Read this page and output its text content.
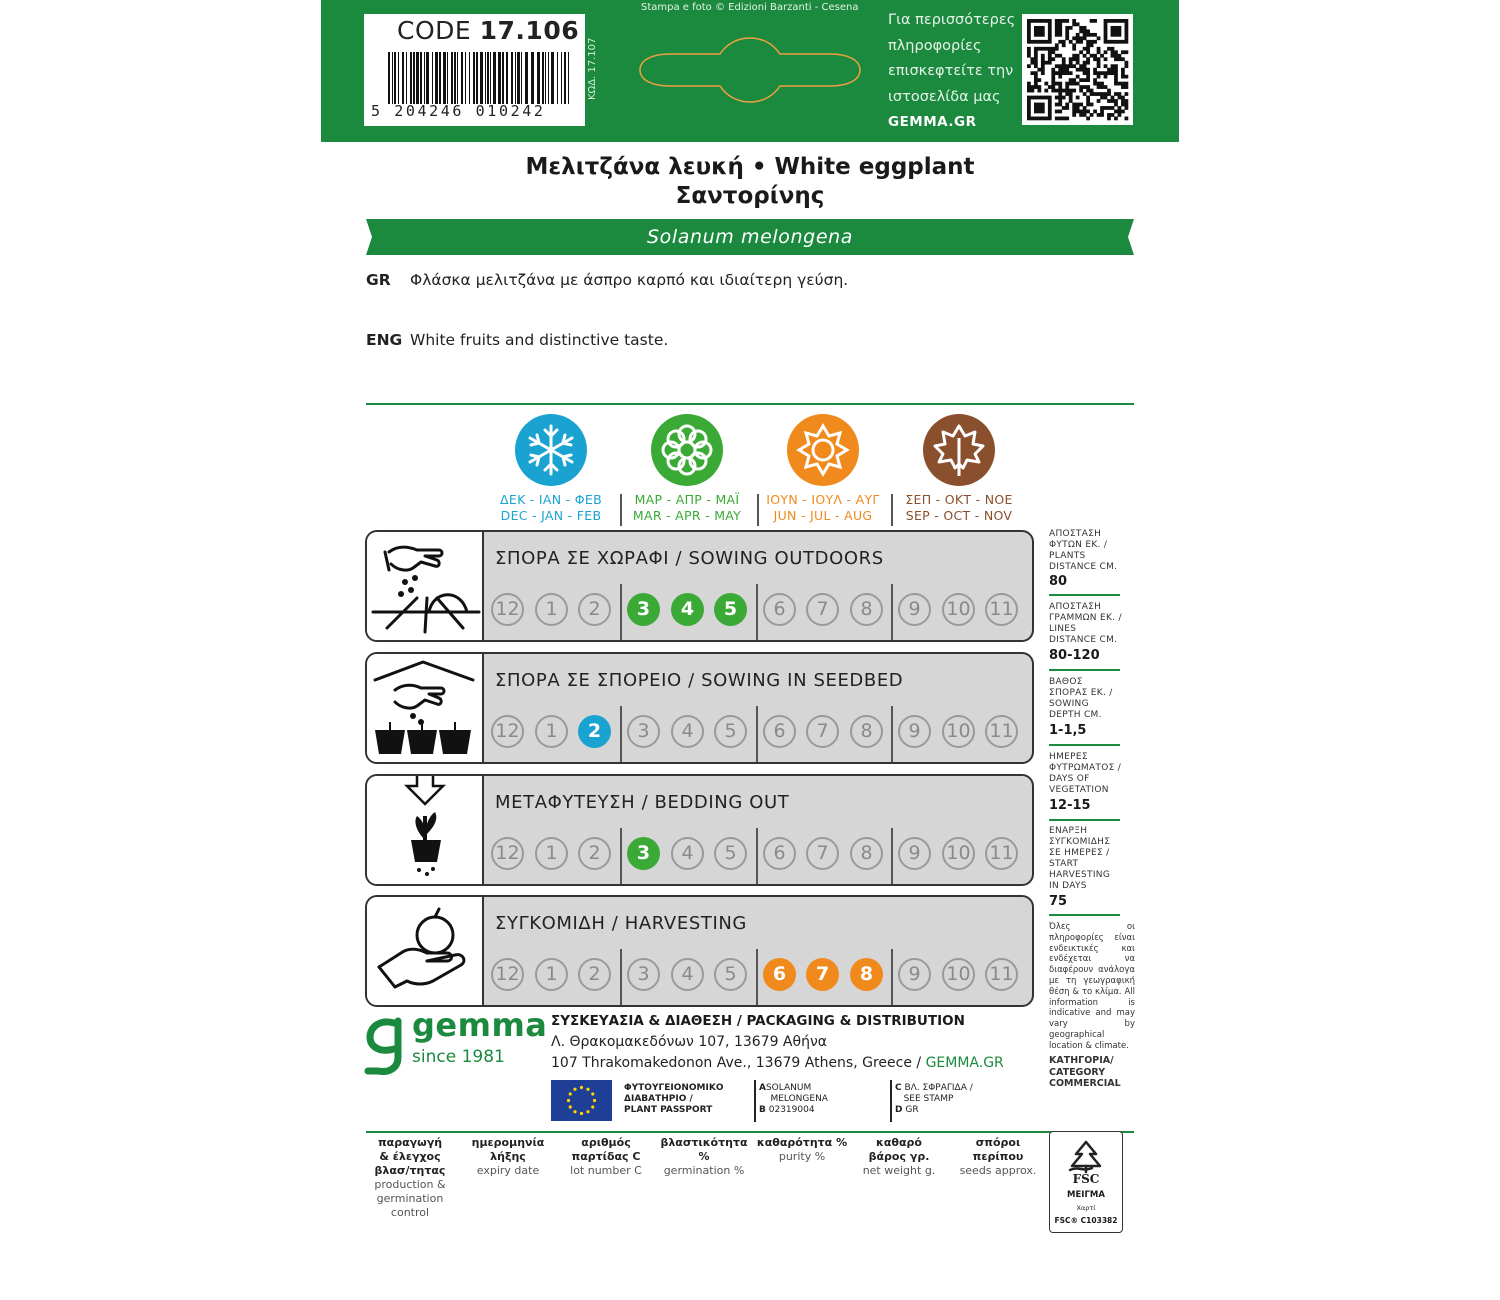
CODE 17.106
5 204246 010242
ΚΩΔ. 17.107
Stampa e foto © Edizioni Barzanti - Cesena
Για περισσότερες
πληροφορίες
επισκεφτείτε την
ιστοσελίδα μας
GEMMA.GR
Μελιτζάνα λευκή • White eggplant
Σαντορίνης
Solanum melongena
GR Φλάσκα μελιτζάνα με άσπρο καρπό και ιδιαίτερη γεύση.
ENG White fruits and distinctive taste.
ΔΕΚ - ΙΑΝ - ΦΕΒ
DEC - JAN - FEB
ΜΑΡ - ΑΠΡ - ΜΑΪ
MAR - APR - MAY
ΙΟΥΝ - ΙΟΥΛ - ΑΥΓ
JUN - JUL - AUG
ΣΕΠ - ΟΚΤ - ΝΟΕ
SEP - OCT - NOV
ΣΠΟΡΑ ΣΕ ΧΩΡΑΦΙ / SOWING OUTDOORS
12	1	2	3	4	5	6	7	8	9	10 11
ΣΠΟΡΑ ΣΕ ΣΠΟΡΕΙΟ / SOWING IN SEEDBED
12	1	2	3	4	5	6	7	8	9	10 11
ΜΕΤΑΦΥΤΕΥΣΗ / BEDDING OUT
12	1	2	3	4	5	6	7	8	9	10 11
ΣΥΓΚΟΜΙΔΗ / HARVESTING
12	1	2	3	4	5	6	7	8	9	10 11
ΑΠΟΣΤΑΣΗ
ΦΥΤΩΝ ΕΚ. /
PLANTS
DISTANCE CM.
80
ΑΠΟΣΤΑΣΗ
ΓΡΑΜΜΩΝ ΕΚ. /
LINES
DISTANCE CM.
80-120
ΒΑΘΟΣ
ΣΠΟΡΑΣ ΕΚ. /
SOWING
DEPTH CM.
1-1,5
ΗΜΕΡΕΣ
ΦΥΤΡΩΜΑΤΟΣ /
DAYS OF
VEGETATION
12-15
ΕΝΑΡΞΗ
ΣΥΓΚΟΜΙΔΗΣ
ΣΕ ΗΜΕΡΕΣ /
START
HARVESTING
IN DAYS
75
Όλες οι πληροφορίες είναι ενδεικτικές και ενδέχεται να διαφέρουν ανάλογα με τη γεωγραφική θέση & το κλίμα. All information is indicative and may vary by geographical location & climate.
ΚΑΤΗΓΟΡΙΑ/
CATEGORY
COMMERCIAL
gemma
since 1981
ΣΥΣΚΕΥΑΣΙΑ & ΔΙΑΘΕΣΗ / PACKAGING & DISTRIBUTION
Λ. Θρακομακεδόνων 107, 13679 Αθήνα
107 Thrakomakedonon Ave., 13679 Athens, Greece / GEMMA.GR
ΦΥΤΟΥΓΕΙΟΝΟΜΙΚΟ
ΔΙΑΒΑΤΗΡΙΟ /
PLANT PASSPORT
ASOLANUM
MELONGENA
B 02319004
C ΒΛ. ΣΦΡΑΓΙΔΑ /
SEE STAMP
D GR
παραγωγή
& έλεγχος
βλασ/τητας
production &
germination
control
ημερομηνία
λήξης
expiry date
αριθμός
παρτίδας C
lot number C
βλαστικότητα %
germination %
καθαρότητα %
purity %
καθαρό
βάρος γρ.
net weight g.
σπόροι
περίπου
seeds approx.
FSC
ΜΕΙΓΜΑ
Χαρτί
FSC® C103382
